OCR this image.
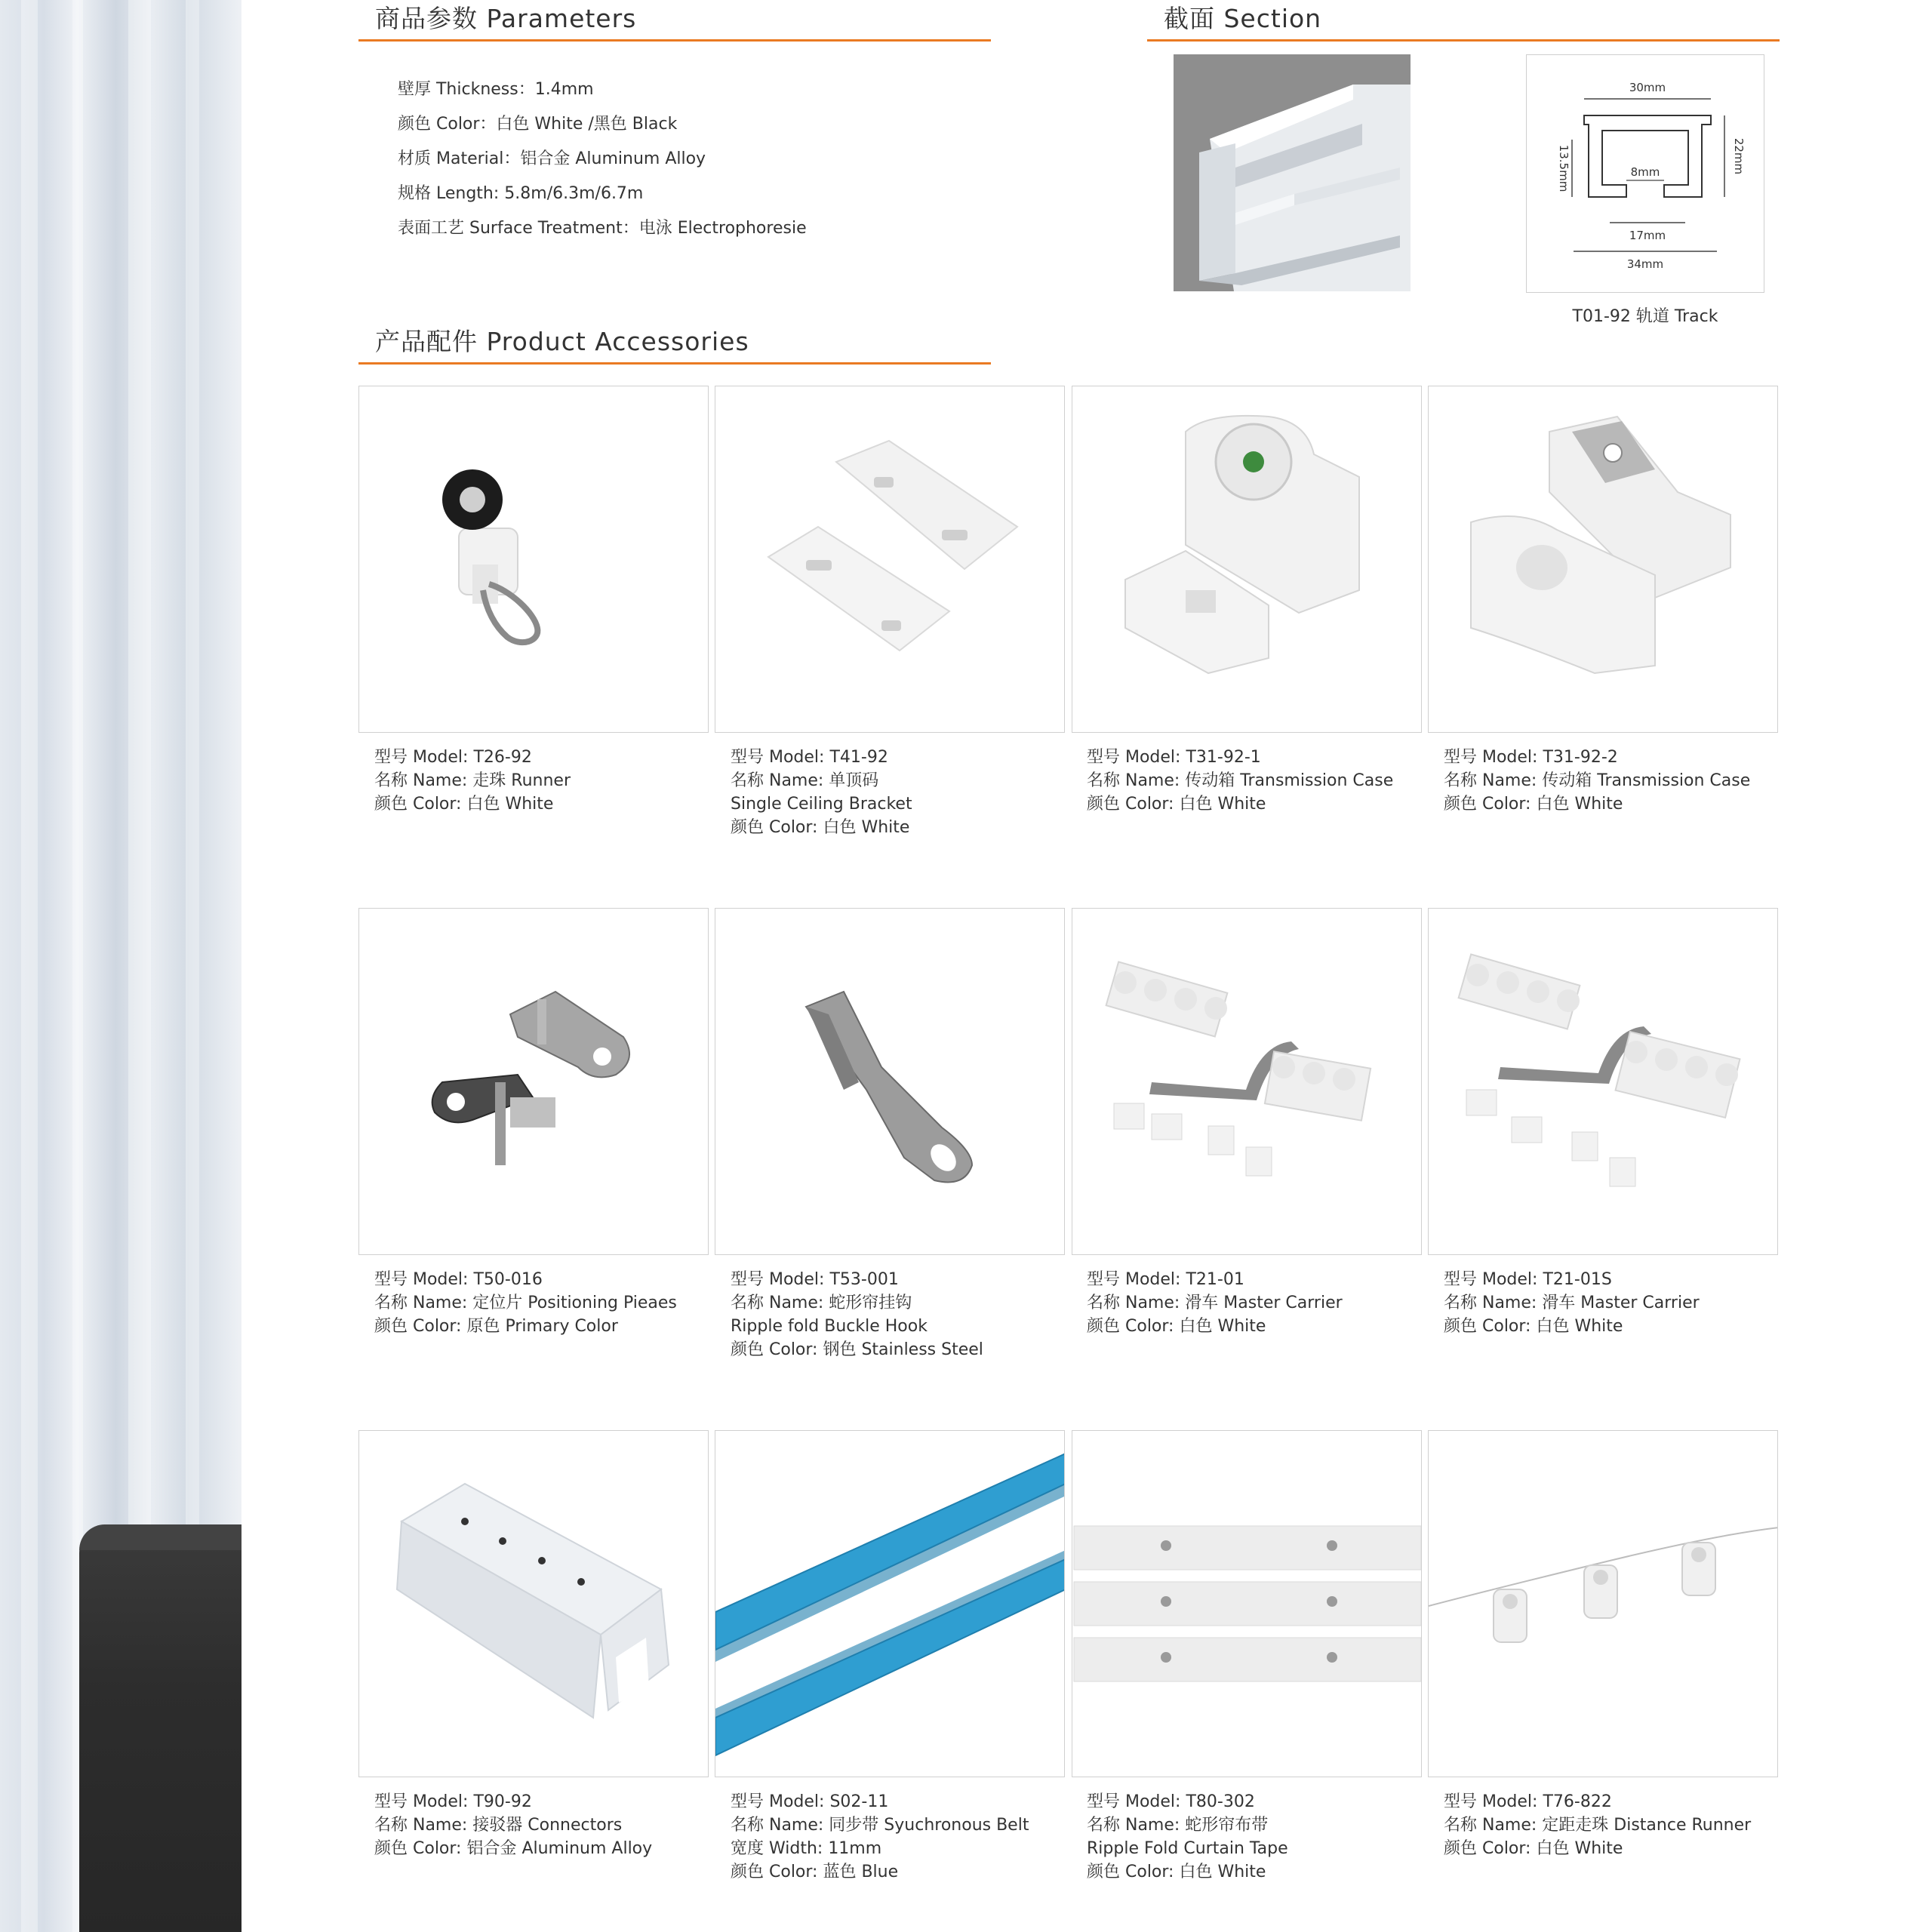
商品参数 Parameters	截面 Section
产品配件 Product Accessories
壁厚 Thickness：1.4mm
颜色 Color：白色 White /黑色 Black
材质 Material：铝合金 Aluminum Alloy
规格 Length: 5.8m/6.3m/6.7m
表面工艺 Surface Treatment：电泳 Electrophoresie
30mm
13.5mm	22mm
8mm
17mm
34mm
T01-92 轨道 Track
型号 Model: T26-92
名称 Name: 走珠 Runner
颜色 Color: 白色 White
型号 Model: T41-92
名称 Name: 单顶码
Single Ceiling Bracket
颜色 Color: 白色 White
型号 Model: T31-92-1
名称 Name: 传动箱 Transmission Case
颜色 Color: 白色 White
型号 Model: T31-92-2
名称 Name: 传动箱 Transmission Case
颜色 Color: 白色 White
型号 Model: T50-016
名称 Name: 定位片 Positioning Pieaes
颜色 Color: 原色 Primary Color
型号 Model: T53-001
名称 Name: 蛇形帘挂钩
Ripple fold Buckle Hook
颜色 Color: 钢色 Stainless Steel
型号 Model: T21-01
名称 Name: 滑车 Master Carrier
颜色 Color: 白色 White
型号 Model: T21-01S
名称 Name: 滑车 Master Carrier
颜色 Color: 白色 White
型号 Model: T90-92
名称 Name: 接驳器 Connectors
颜色 Color: 铝合金 Aluminum Alloy
型号 Model: S02-11
名称 Name: 同步带 Syuchronous Belt
宽度 Width: 11mm
颜色 Color: 蓝色 Blue
型号 Model: T80-302
名称 Name: 蛇形帘布带
Ripple Fold Curtain Tape
颜色 Color: 白色 White
型号 Model: T76-822
名称 Name: 定距走珠 Distance Runner
颜色 Color: 白色 White
